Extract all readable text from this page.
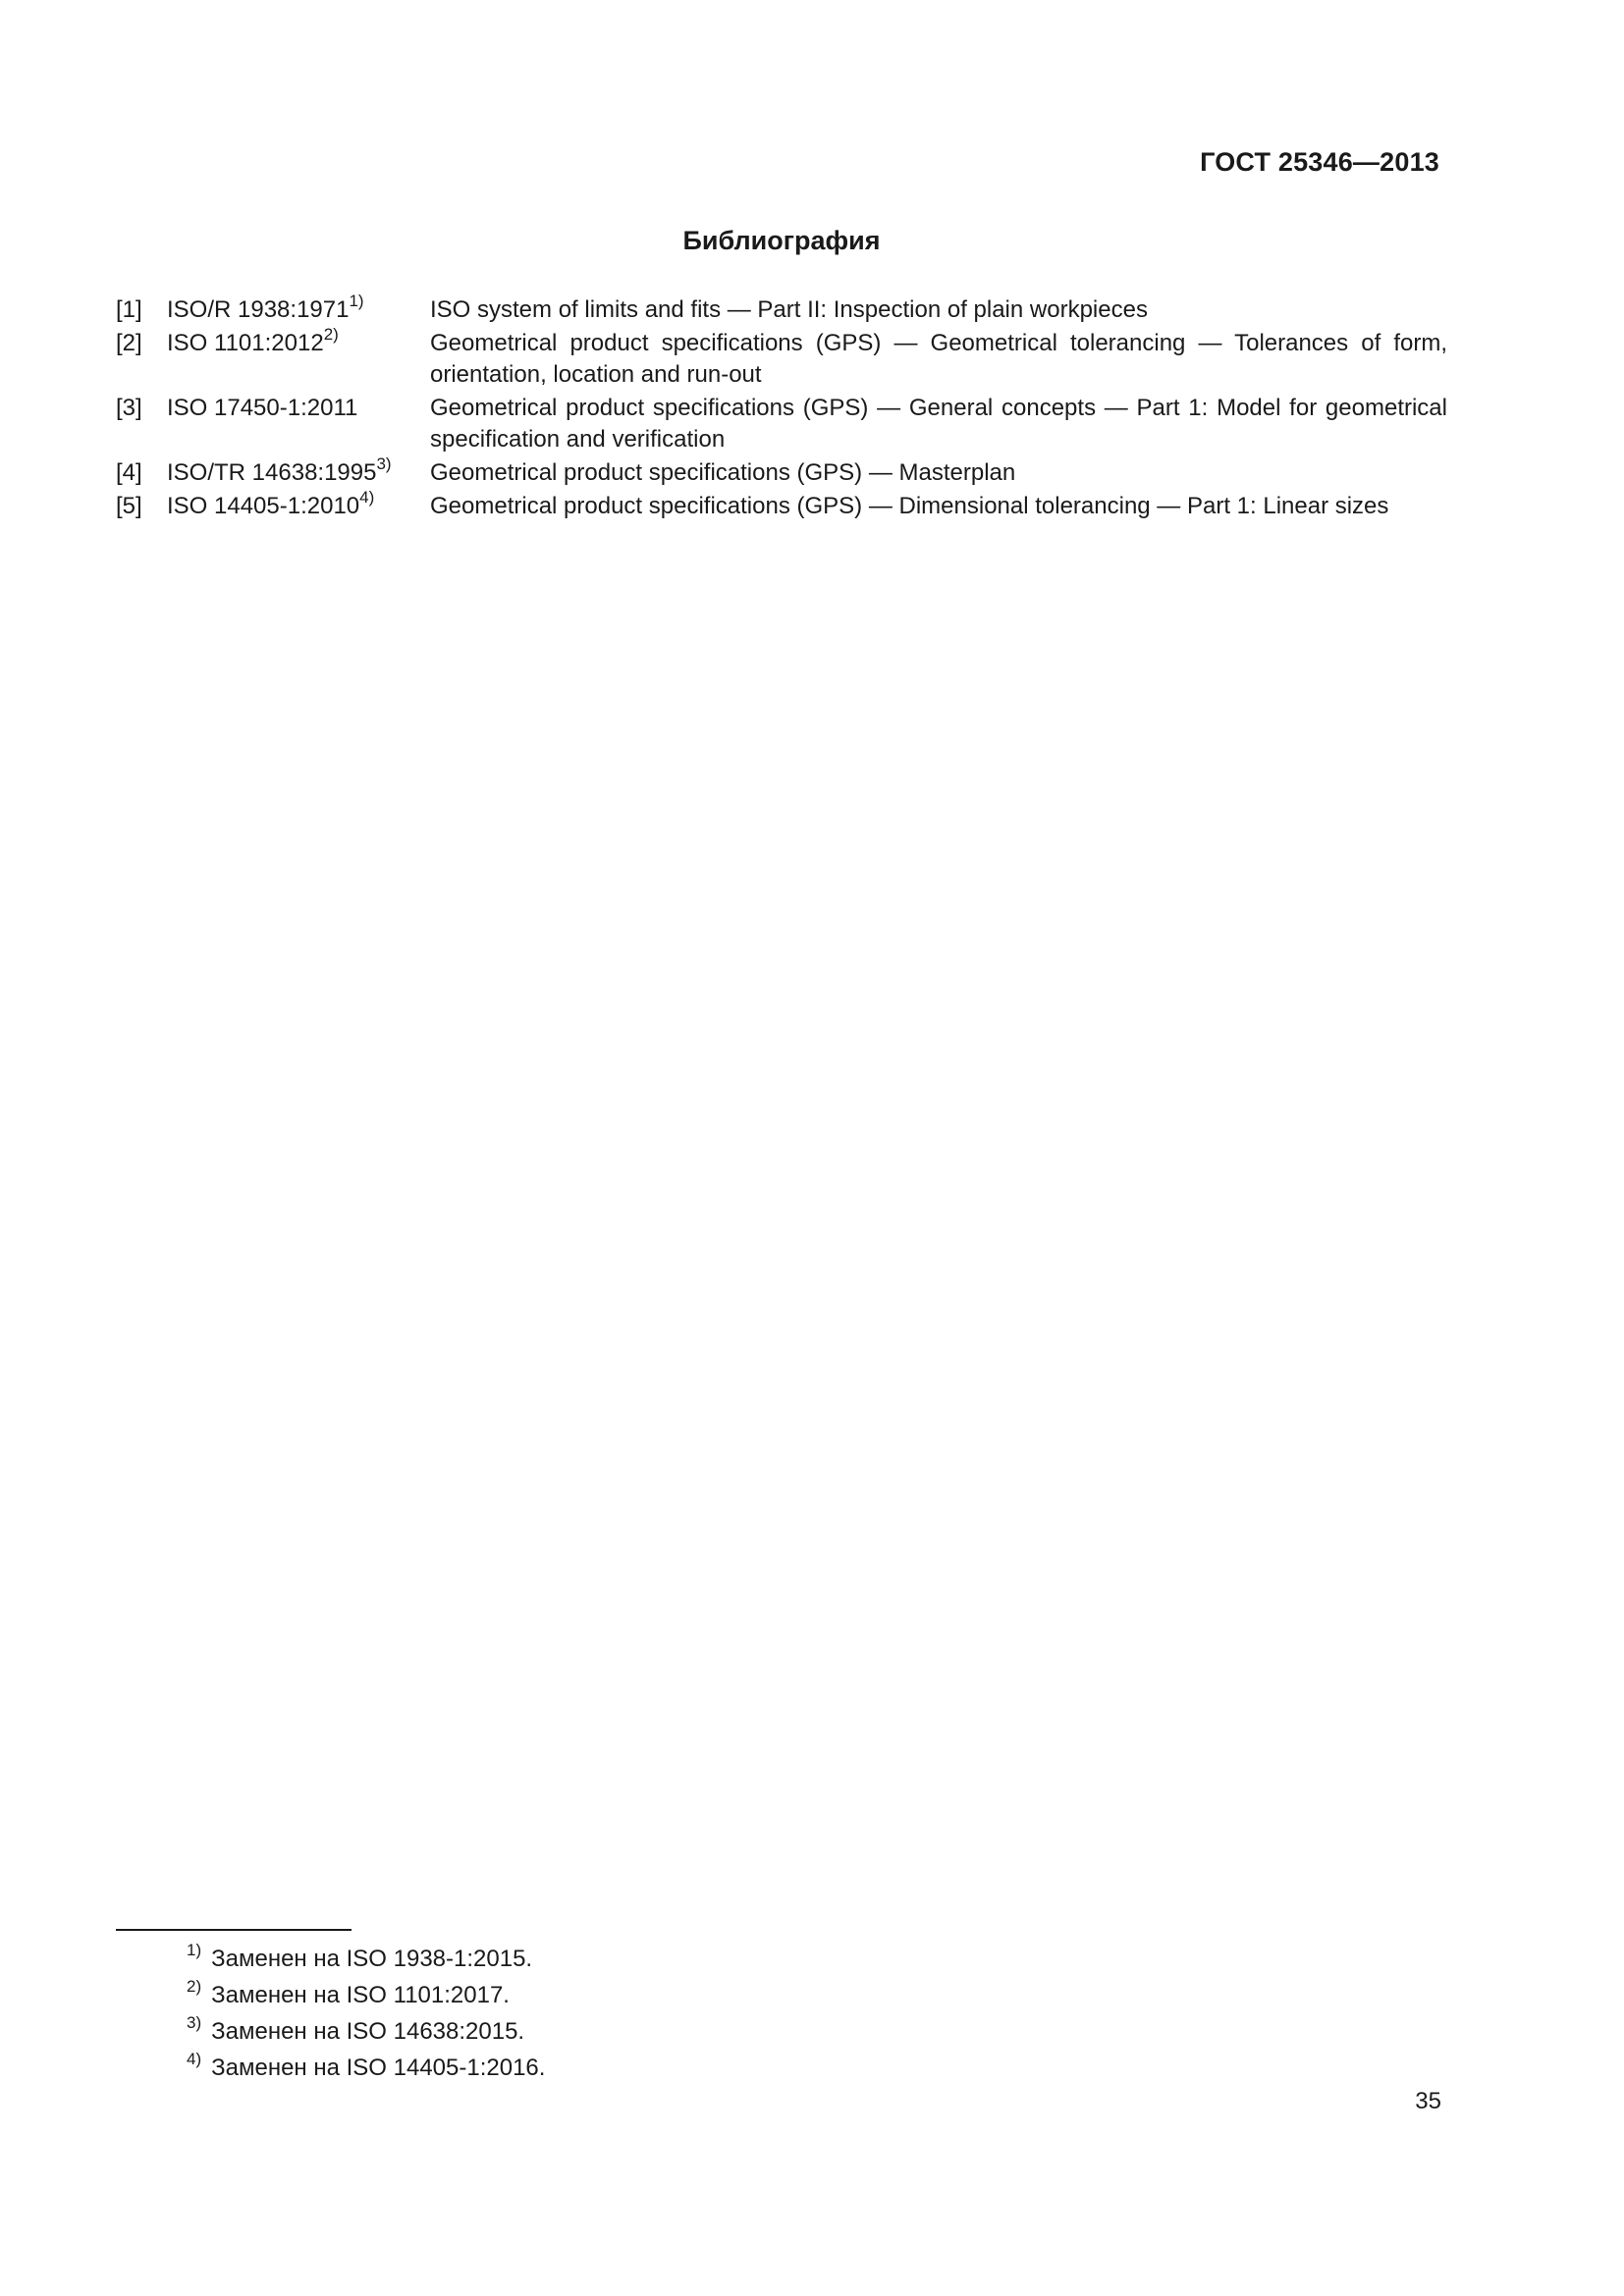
ГОСТ 25346—2013
Библиография
[1]	ISO/R 1938:1971$^{1)}$	ISO system of limits and fits — Part II: Inspection of plain workpieces
[2]	ISO 1101:2012$^{2)}$	Geometrical product specifications (GPS) — Geometrical tolerancing — Tolerances of form, orientation, location and run-out
[3]	ISO 17450-1:2011	Geometrical product specifications (GPS) — General concepts — Part 1: Model for geometrical specification and verification
[4]	ISO/TR 14638:1995$^{3)}$	Geometrical product specifications (GPS) — Masterplan
[5]	ISO 14405-1:2010$^{4)}$	Geometrical product specifications (GPS) — Dimensional tolerancing — Part 1: Linear sizes
$^{1)}$ Заменен на ISO 1938-1:2015.
$^{2)}$ Заменен на ISO 1101:2017.
$^{3)}$ Заменен на ISO 14638:2015.
$^{4)}$ Заменен на ISO 14405-1:2016.
35
